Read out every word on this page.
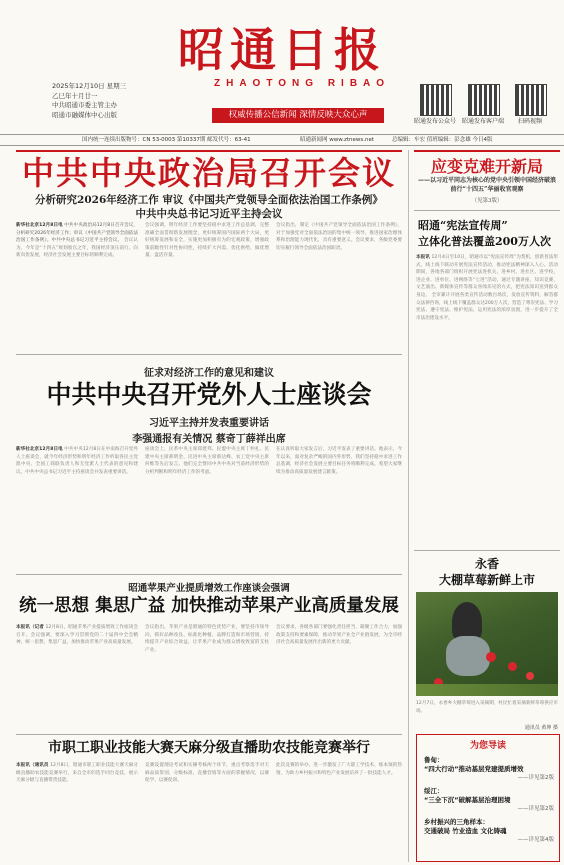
昭通日报
ZHAOTONG RIBAO
权威传播公信新闻 深情反映大众心声
2025年12月10日 星期三
乙巳年十月廿一
中共昭通市委主管主办
昭通市融媒体中心出版
昭通发布公众号 昭通发布客户端	扫码视频
国内统一连续出版物号：CN 53-0003 第10337期 邮发代号：63-41	昭通新闻网 www.ztnews.net	总编辑：车宏 值班编辑：彭念雄 今日4版
中共中央政治局召开会议
分析研究2026年经济工作 审议《中国共产党领导全面依法治国工作条例》
中共中央总书记习近平主持会议
新华社北京12月8日电 中共中央政治局12月8日召开会议，分析研究2026年经济工作；审议《中国共产党领导全面依法治国工作条例》。中共中央总书记习近平主持会议。 会议认为，今年是“十四五”规划收官之年，我国经济顶压前行、向新向优发展，经济社会发展主要目标将顺利完成。
会议强调，明年经济工作要坚持稳中求进工作总基调，完整准确全面贯彻新发展理念，更好统筹国内国际两个大局，更好统筹发展和安全，实施更加积极有为的宏观政策，增强政策前瞻性针对性协同性，持续扩大内需、优化供给，做优增量、盘活存量。
会议指出，制定《中国共产党领导全面依法治国工作条例》，对于加强党对全面依法治国的集中统一领导，推进国家治理体系和治理能力现代化，具有重要意义。会议要求，各级党委要切实履行领导全面依法治国职责。
征求对经济工作的意见和建议
中共中央召开党外人士座谈会
习近平主持并发表重要讲话
李强通报有关情况 蔡奇丁薛祥出席
新华社北京12月8日电 中共中央12月8日在中南海召开党外人士座谈会，就今年经济形势和明年经济工作听取各民主党派中央、全国工商联负责人和无党派人士代表的意见和建议。中共中央总书记习近平主持座谈会并发表重要讲话。
座谈会上，民革中央主席郑建邦、民盟中央主席丁仲礼、民建中央主席郝明金、民进中央主席蔡达峰、农工党中央主席何维等先后发言。他们完全赞同中共中央对当前经济形势的分析判断和明年经济工作的考虑。
在认真听取大家发言后，习近平发表了重要讲话。他表示，今年以来，面对复杂严峻的国内外形势，我们坚持稳中求进工作总基调，经济社会发展主要目标任务将顺利完成。希望大家继续为推动高质量发展建言献策。
昭通苹果产业提质增效工作座谈会强调
统一思想 集思广益 加快推动苹果产业高质量发展
本报讯（记者 12月8日，昭通苹果产业提质增效工作座谈会召开。会议强调，要深入学习贯彻党的二十届四中全会精神，统一思想、集思广益，加快推动苹果产业高质量发展。
会议指出，苹果产业是昭通的特色优势产业，要坚持市场导向，抓好品种改良、标准化种植、品牌打造和市场营销，持续提升产业综合效益，让苹果产业成为群众增收致富的支柱产业。
会议要求，各级各部门要强化责任担当，凝聚工作合力，加强政策支持和要素保障，推动苹果产业全产业链发展，为全市经济社会高质量发展作出新的更大贡献。
市职工职业技能大赛天麻分级直播助农技能竞赛举行
本报讯（通讯员 12月8日，昭通市职工职业技能大赛天麻分级直播助农技能竞赛举行，来自全市的选手同台竞技，展示天麻分级与直播带货技能。
竞赛设置理论考试和实操考核两个环节，重点考察选手对天麻品质鉴别、分级标准、直播营销等方面的掌握情况，以赛促学、以赛促训。
此次竞赛的举办，进一步激发了广大职工学技术、练本领的热情，为助力乡村振兴和特色产业发展培养了一批技能人才。
应变克难开新局
——以习近平同志为核心的党中央引领中国经济破浪前行“十四五”华丽收官观察
（见第3版）
昭通“宪法宣传周”
立体化普法覆盖200万人次
本报讯 12月4日至10日，昭通市以“宪法宣传周”为契机，创新普法形式，线上线下联动开展宪法宣传活动，推动宪法精神深入人心。活动期间，各地各部门组织开展宪法进机关、进乡村、进社区、进学校、进企业、进单位、进网络等“七进”活动，通过专题讲座、知识竞赛、文艺演出、新媒体宣传等群众喜闻乐见的方式，把宪法知识送到群众身边。 全市累计开展各类宣传活动数百场次，发放宣传资料，解答群众法律咨询，线上线下覆盖群众达200万人次，营造了尊崇宪法、学习宪法、遵守宪法、维护宪法、运用宪法的浓厚氛围，进一步提升了全市法治建设水平。
永香
大棚草莓新鲜上市
12月7日，永香乡大棚草莓进入采摘期，村民忙着采摘新鲜草莓供应市场。
通讯员 黄坤 摄
为您导读
鲁甸：
“四大行动”推动基层党建提质增效
——详见第2版
绥江：
“三全下沉”破解基层治理困境
——详见第2版
乡村振兴的三角样本：
交通破局 竹业造血 文化铸魂
——详见第4版
